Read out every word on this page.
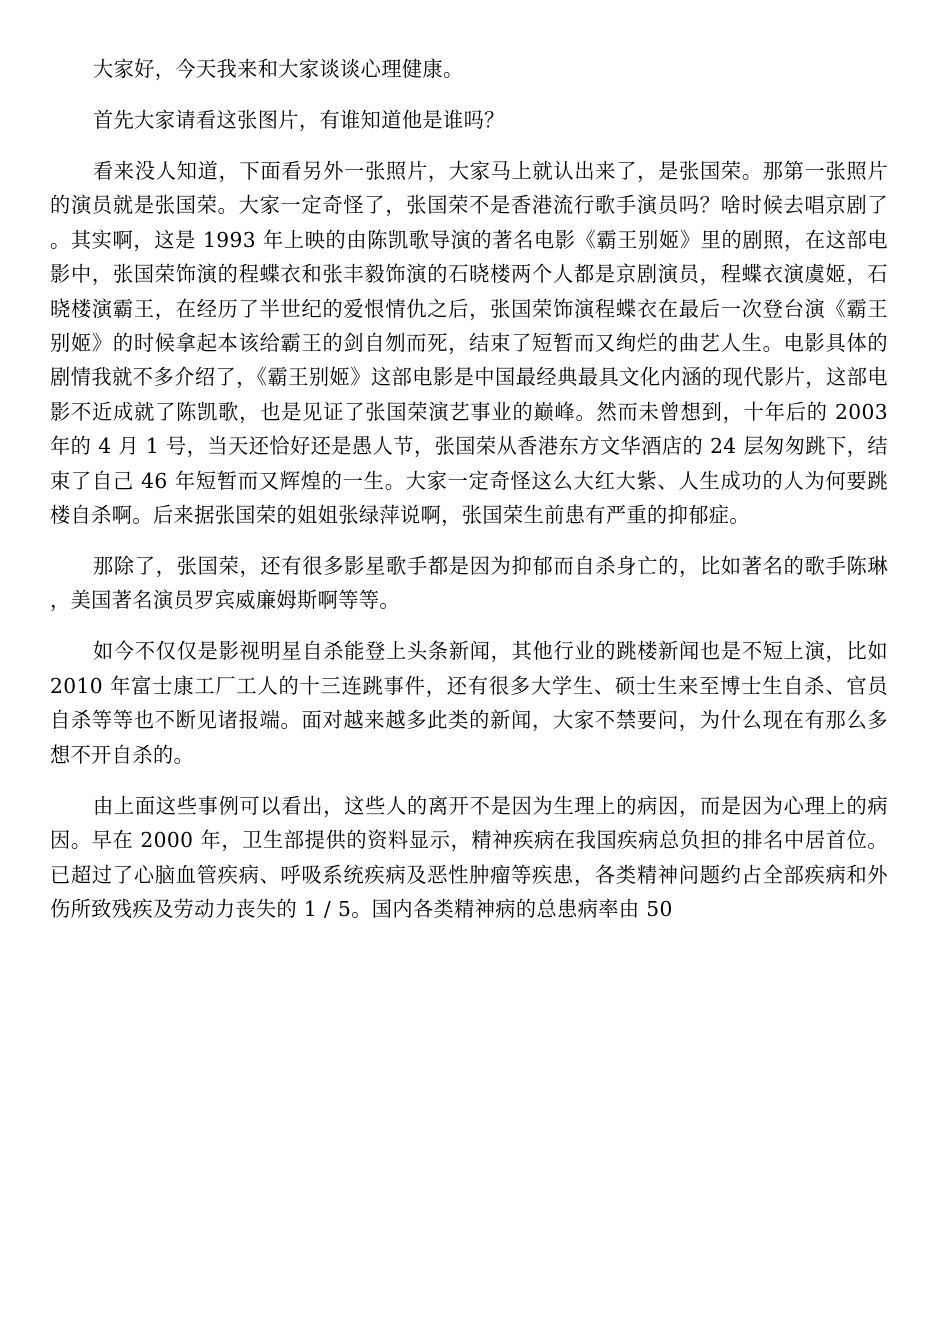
大家好，今天我来和大家谈谈心理健康。

首先大家请看这张图片，有谁知道他是谁吗？

看来没人知道，下面看另外一张照片，大家马上就认出来了，是张国荣。那第一张照片的演员就是张国荣。大家一定奇怪了，张国荣不是香港流行歌手演员吗？啥时候去唱京剧了。其实啊，这是 1993 年上映的由陈凯歌导演的著名电影《霸王别姬》里的剧照，在这部电影中，张国荣饰演的程蝶衣和张丰毅饰演的石晓楼两个人都是京剧演员，程蝶衣演虞姬，石晓楼演霸王，在经历了半世纪的爱恨情仇之后，张国荣饰演程蝶衣在最后一次登台演《霸王别姬》的时候拿起本该给霸王的剑自刎而死，结束了短暂而又绚烂的曲艺人生。电影具体的剧情我就不多介绍了，《霸王别姬》这部电影是中国最经典最具文化内涵的现代影片，这部电影不近成就了陈凯歌，也是见证了张国荣演艺事业的巅峰。然而未曾想到，十年后的 2003 年的 4 月 1 号，当天还恰好还是愚人节，张国荣从香港东方文华酒店的 24 层匆匆跳下，结束了自己 46 年短暂而又辉煌的一生。大家一定奇怪这么大红大紫、人生成功的人为何要跳楼自杀啊。后来据张国荣的姐姐张绿萍说啊，张国荣生前患有严重的抑郁症。

那除了，张国荣，还有很多影星歌手都是因为抑郁而自杀身亡的，比如著名的歌手陈琳，美国著名演员罗宾威廉姆斯啊等等。

如今不仅仅是影视明星自杀能登上头条新闻，其他行业的跳楼新闻也是不短上演，比如 2010 年富士康工厂工人的十三连跳事件，还有很多大学生、硕士生来至博士生自杀、官员自杀等等也不断见诸报端。面对越来越多此类的新闻，大家不禁要问，为什么现在有那么多想不开自杀的。

由上面这些事例可以看出，这些人的离开不是因为生理上的病因，而是因为心理上的病因。早在 2000 年，卫生部提供的资料显示，精神疾病在我国疾病总负担的排名中居首位。已超过了心脑血管疾病、呼吸系统疾病及恶性肿瘤等疾患，各类精神问题约占全部疾病和外伤所致残疾及劳动力丧失的 1 / 5。国内各类精神病的总患病率由 50
